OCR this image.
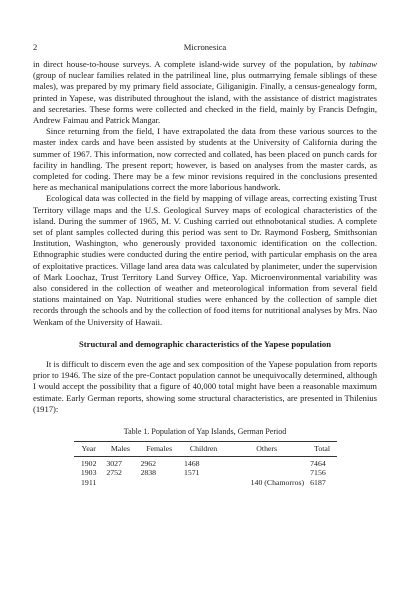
2	Micronesica

in direct house-to-house surveys. A complete island-wide survey of the population, by tabinaw (group of nuclear families related in the patrilineal line, plus outmarrying female siblings of these males), was prepared by my primary field associate, Giliganigin. Finally, a census-genealogy form, printed in Yapese, was distributed throughout the island, with the assistance of district magistrates and secretaries. These forms were collected and checked in the field, mainly by Francis Defngin, Andrew Faimau and Patrick Mangar.

Since returning from the field, I have extrapolated the data from these various sources to the master index cards and have been assisted by students at the University of California during the summer of 1967. This information, now corrected and collated, has been placed on punch cards for facility in handling. The present report; however, is based on analyses from the master cards, as completed for coding. There may be a few minor revisions required in the conclusions presented here as mechanical manipulations correct the more laborious handwork.

Ecological data was collected in the field by mapping of village areas, correcting existing Trust Territory village maps and the U.S. Geological Survey maps of ecological characteristics of the island. During the summer of 1965, M. V. Cushing carried out ethnobotanical studies. A complete set of plant samples collected during this period was sent to Dr. Raymond Fosberg, Smithsonian Institution, Washington, who generously provided taxonomic identification on the collection. Ethnographic studies were conducted during the entire period, with particular emphasis on the area of exploitative practices. Village land area data was calculated by planimeter, under the supervision of Mark Loochaz, Trust Territory Land Survey Office, Yap. Microenvironmental variability was also considered in the collection of weather and meteorological information from several field stations maintained on Yap. Nutritional studies were enhanced by the collection of sample diet records through the schools and by the collection of food items for nutritional analyses by Mrs. Nao Wenkam of the University of Hawaii.

Structural and demographic characteristics of the Yapese population

It is difficult to discern even the age and sex composition of the Yapese population from reports prior to 1946. The size of the pre-Contact population cannot be unequivocally determined, although I would accept the possibility that a figure of 40,000 total might have been a reasonable maximum estimate. Early German reports, showing some structural characteristics, are presented in Thilenius (1917):

Table 1. Population of Yap Islands, German Period

Year	Males	Females	Children	Others	Total
1902	3027	2962	1468		7464
1903	2752	2838	1571		7156
1911				140 (Chamorros)	6187
